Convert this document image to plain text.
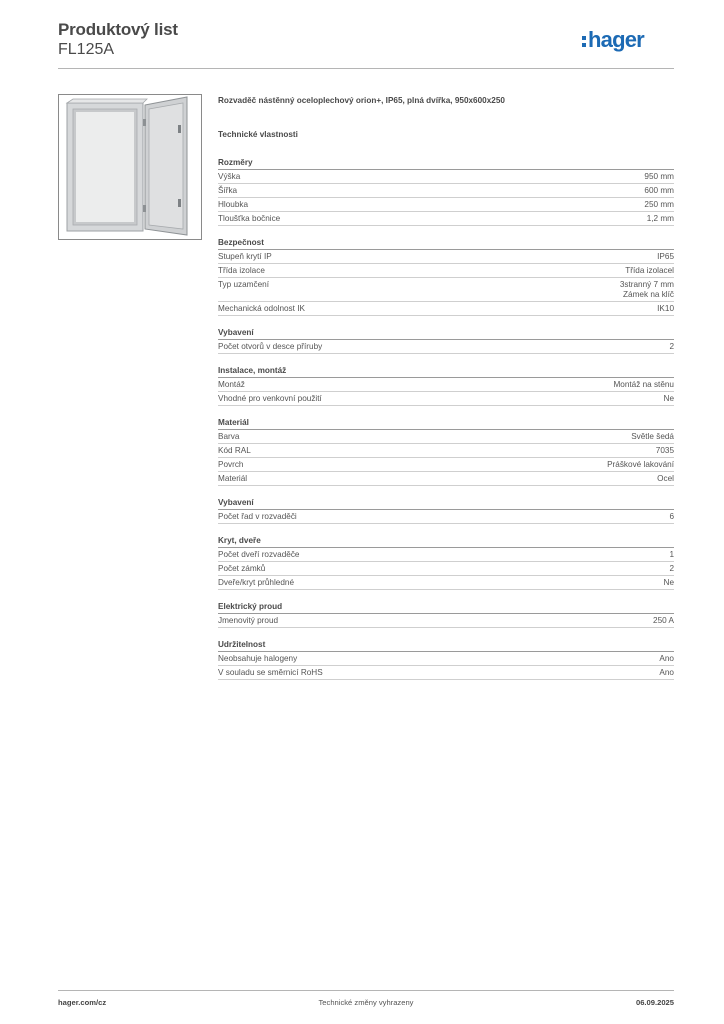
Produktový list
FL125A	hager
Rozvaděč nástěnný oceloplechový orion+, IP65, plná dvířka, 950x600x250
Technické vlastnosti
Rozměry
Výška	950 mm
Šířka	600 mm
Hloubka	250 mm
Tloušťka bočnice	1,2 mm
Bezpečnost
Stupeň krytí IP	IP65
Třída izolace	Třída izolacel
Typ uzamčení	3stranný 7 mm
Zámek na klíč
Mechanická odolnost IK	IK10
Vybavení
Počet otvorů v desce příruby	2
Instalace, montáž
Montáž	Montáž na stěnu
Vhodné pro venkovní použití	Ne
Materiál
Barva	Světle šedá
Kód RAL	7035
Povrch	Práškové lakování
Materiál	Ocel
Vybavení
Počet řad v rozvaděči	6
Kryt, dveře
Počet dveří rozvaděče	1
Počet zámků	2
Dveře/kryt průhledné	Ne
Elektrický proud
Jmenovitý proud	250 A
Udržitelnost
Neobsahuje halogeny	Ano
V souladu se směrnicí RoHS	Ano
hager.com/cz	Technické změny vyhrazeny	06.09.2025
